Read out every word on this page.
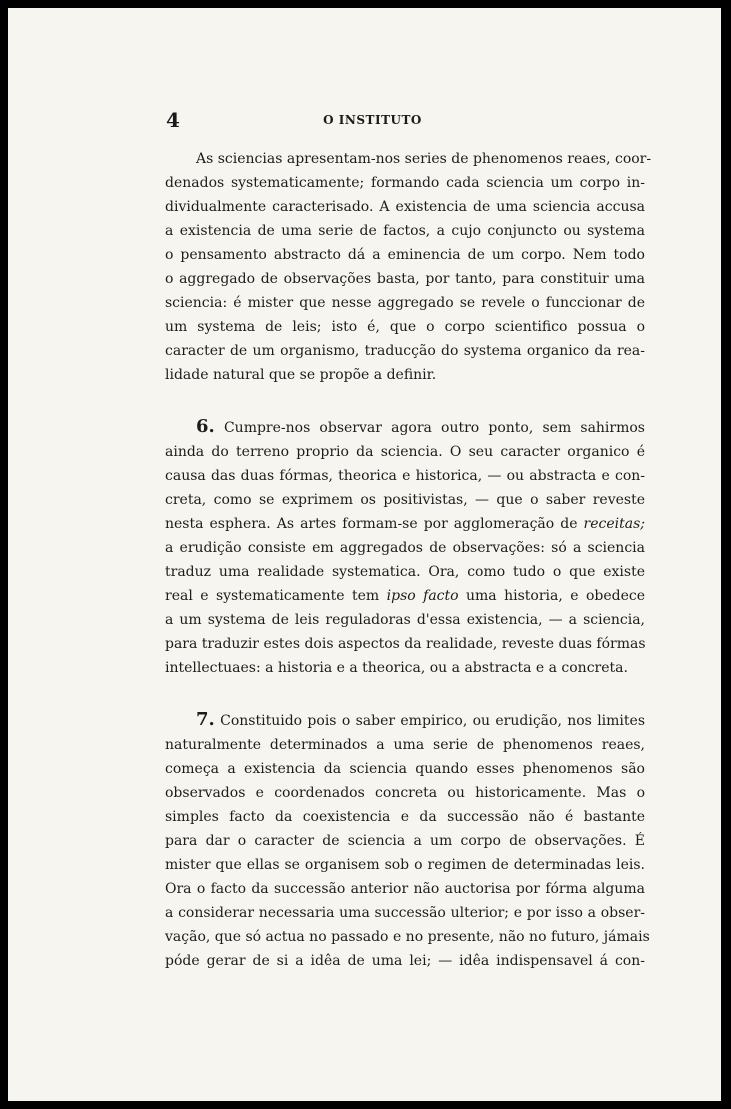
4	O INSTITUTO
As sciencias apresentam-nos series de phenomenos reaes, coor-
denados systematicamente; formando cada sciencia um corpo in-
dividualmente caracterisado. A existencia de uma sciencia accusa
a existencia de uma serie de factos, a cujo conjuncto ou systema
o pensamento abstracto dá a eminencia de um corpo. Nem todo
o aggregado de observações basta, por tanto, para constituir uma
sciencia: é mister que nesse aggregado se revele o funccionar de
um systema de leis; isto é, que o corpo scientifico possua o
caracter de um organismo, traducção do systema organico da rea-
lidade natural que se propõe a definir.
6. Cumpre-nos observar agora outro ponto, sem sahirmos
ainda do terreno proprio da sciencia. O seu caracter organico é
causa das duas fórmas, theorica e historica, — ou abstracta e con-
creta, como se exprimem os positivistas, — que o saber reveste
nesta esphera. As artes formam-se por agglomeração de receitas;
a erudição consiste em aggregados de observações: só a sciencia
traduz uma realidade systematica. Ora, como tudo o que existe
real e systematicamente tem ipso facto uma historia, e obedece
a um systema de leis reguladoras d'essa existencia, — a sciencia,
para traduzir estes dois aspectos da realidade, reveste duas fórmas
intellectuaes: a historia e a theorica, ou a abstracta e a concreta.
7. Constituido pois o saber empirico, ou erudição, nos limites
naturalmente determinados a uma serie de phenomenos reaes,
começa a existencia da sciencia quando esses phenomenos são
observados e coordenados concreta ou historicamente. Mas o
simples facto da coexistencia e da successão não é bastante
para dar o caracter de sciencia a um corpo de observações. É
mister que ellas se organisem sob o regimen de determinadas leis.
Ora o facto da successão anterior não auctorisa por fórma alguma
a considerar necessaria uma successão ulterior; e por isso a obser-
vação, que só actua no passado e no presente, não no futuro, jámais
póde gerar de si a idêa de uma lei; — idêa indispensavel á con-
